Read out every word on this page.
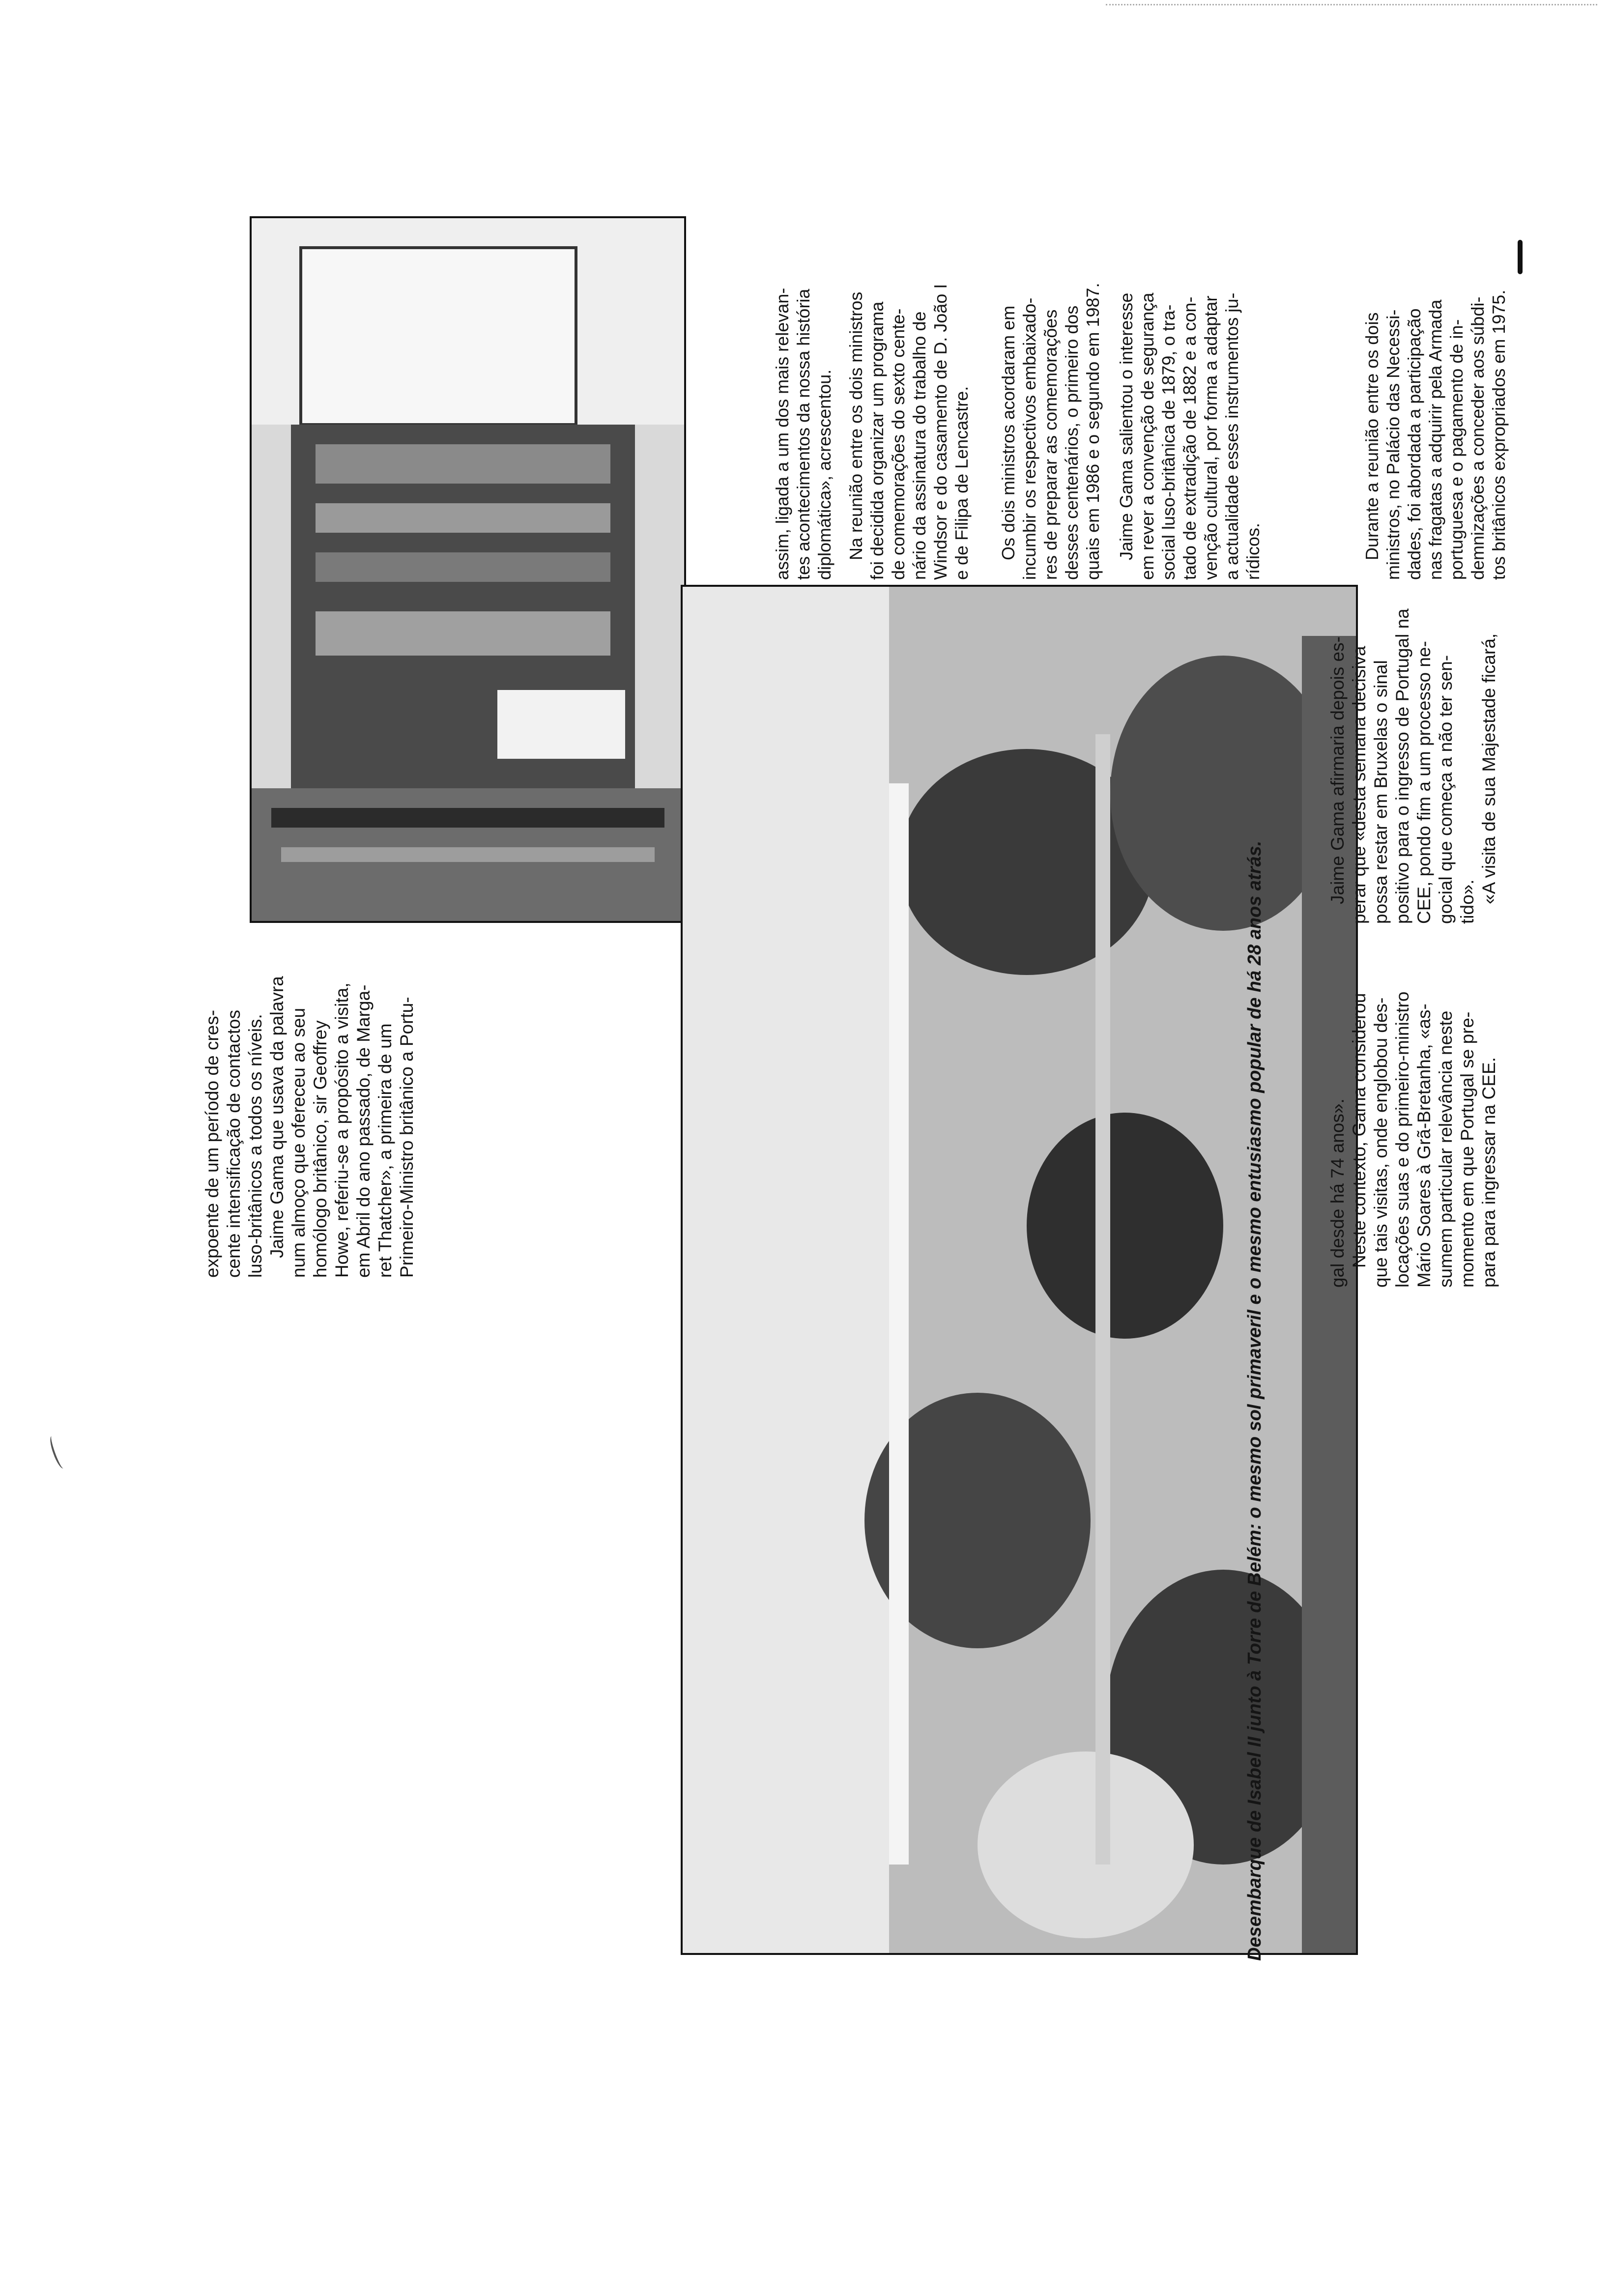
expoente de um período de cres- cente intensificação de contactos luso-britânicos a todos os níveis. Jaime Gama que usava da palavra num almoço que ofereceu ao seu homólogo britânico, sir Geoffrey Howe, referiu-se a propósito a visita, em Abril do ano passado, de Marga- ret Thatcher», a primeira de um Primeiro-Ministro britânico a Portu-	Desembarque de Isabel II junto à Torre de Belém: o mesmo sol primaveril e o mesmo entusiasmo popular de há 28 anos atrás.	gal desde há 74 anos». Neste contexto, Gama considerou que tais visitas, onde englobou des- locações suas e do primeiro-ministro Mário Soares à Grã-Bretanha, «as- sumem particular relevância neste momento em que Portugal se pre- para para ingressar na CEE.

Jaime Gama afirmaria depois es- perar que «desta semana decisiva possa restar em Bruxelas o sinal positivo para o ingresso de Portugal na CEE, pondo fim a um processo ne- gocial que começa a não ter sen- tido». «A visita de sua Majestade ficará,

assim, ligada a um dos mais relevan- tes acontecimentos da nossa história diplomática», acrescentou. Na reunião entre os dois ministros foi decidida organizar um programa de comemorações do sexto cente- nário da assinatura do trabalho de Windsor e do casamento de D. João I e de Filipa de Lencastre. Os dois ministros acordaram em incumbir os respectivos embaixado- res de preparar as comemorações desses centenários, o primeiro dos quais em 1986 e o segundo em 1987. Jaime Gama salientou o interesse em rever a convenção de segurança social luso-britânica de 1879, o tra- tado de extradição de 1882 e a con- venção cultural, por forma a adaptar a actualidade esses instrumentos ju- rídicos.	Durante a reunião entre os dois ministros, no Palácio das Necessi- dades, foi abordada a participação nas fragatas a adquirir pela Armada portuguesa e o pagamento de in- demnizações a conceder aos súbdi- tos britânicos expropriados em 1975.
